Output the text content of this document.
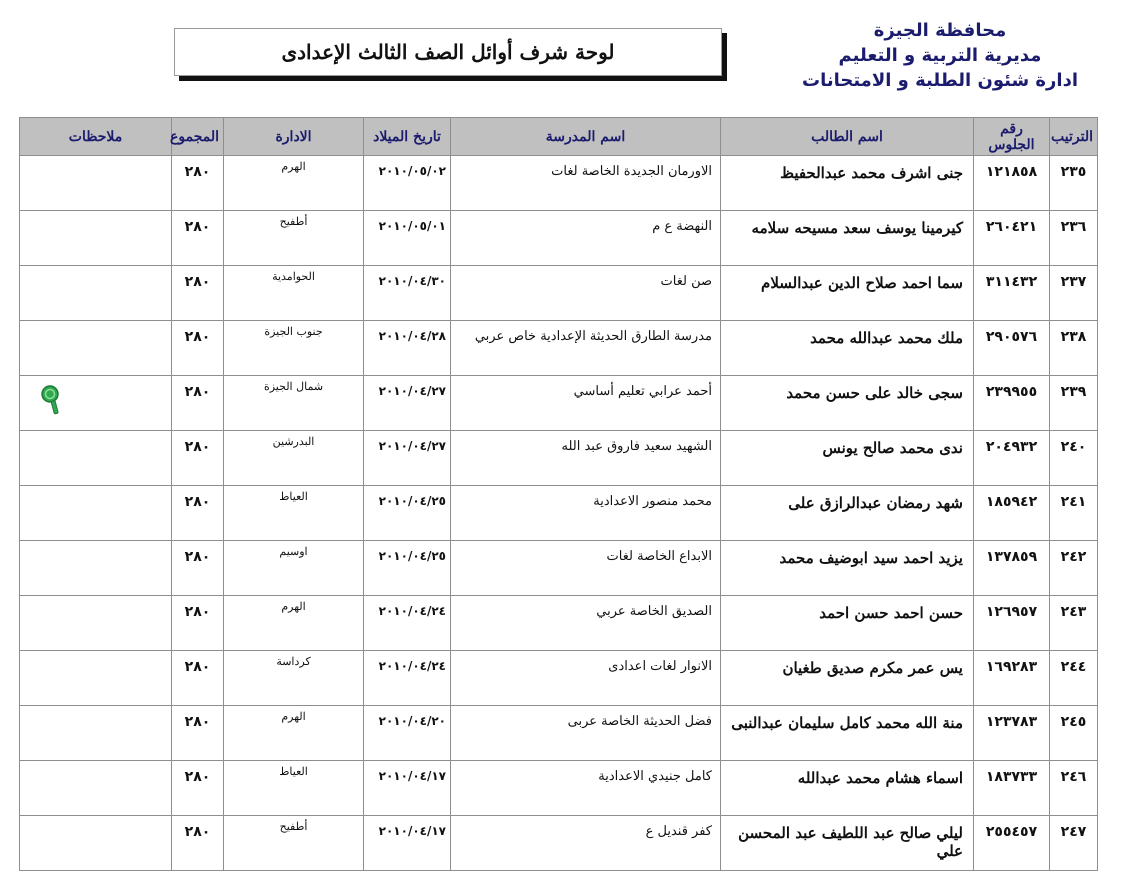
محافظة الجيزة
مديرية التربية و التعليم
ادارة شئون الطلبة و الامتحانات
لوحة شرف أوائل الصف الثالث الإعدادى
الترتيب	رقم الجلوس	اسم الطالب	اسم المدرسة	تاريخ الميلاد	الادارة	المجموع	ملاحظات
٢٣٥	١٢١٨٥٨	جنى اشرف محمد عبدالحفيظ	الاورمان الجديدة الخاصة لغات	٢٠١٠/٠٥/٠٢	الهرم	٢٨٠	
٢٣٦	٢٦٠٤٢١	كيرمينا يوسف سعد مسيحه سلامه	النهضة ع م	٢٠١٠/٠٥/٠١	أطفيح	٢٨٠	
٢٣٧	٣١١٤٣٢	سما احمد صلاح الدين عبدالسلام	صن لغات	٢٠١٠/٠٤/٣٠	الحوامدية	٢٨٠	
٢٣٨	٢٩٠٥٧٦	ملك محمد عبدالله محمد	مدرسة الطارق الحديثة الإعدادية خاص عربي	٢٠١٠/٠٤/٢٨	جنوب الجيزة	٢٨٠	
٢٣٩	٢٣٩٩٥٥	سجى خالد على حسن محمد	أحمد عرابي تعليم أساسي	٢٠١٠/٠٤/٢٧	شمال الجيزة	٢٨٠	
٢٤٠	٢٠٤٩٣٢	ندى محمد صالح يونس	الشهيد سعيد فاروق عبد الله	٢٠١٠/٠٤/٢٧	البدرشين	٢٨٠	
٢٤١	١٨٥٩٤٢	شهد رمضان عبدالرازق على	محمد منصور الاعدادية	٢٠١٠/٠٤/٢٥	العياط	٢٨٠	
٢٤٢	١٣٧٨٥٩	يزيد احمد سيد ابوضيف محمد	الابداع الخاصة لغات	٢٠١٠/٠٤/٢٥	اوسيم	٢٨٠	
٢٤٣	١٢٦٩٥٧	حسن احمد حسن احمد	الصديق الخاصة عربي	٢٠١٠/٠٤/٢٤	الهرم	٢٨٠	
٢٤٤	١٦٩٢٨٣	يس عمر مكرم صديق طغيان	الانوار لغات اعدادى	٢٠١٠/٠٤/٢٤	كرداسة	٢٨٠	
٢٤٥	١٢٣٧٨٣	منة الله محمد كامل سليمان عبدالنبى	فضل الحديثة الخاصة عربى	٢٠١٠/٠٤/٢٠	الهرم	٢٨٠	
٢٤٦	١٨٣٧٣٣	اسماء هشام محمد عبدالله	كامل جنيدي الاعدادية	٢٠١٠/٠٤/١٧	العياط	٢٨٠	
٢٤٧	٢٥٥٤٥٧	ليلي صالح عبد اللطيف عبد المحسن علي	كفر قنديل ع	٢٠١٠/٠٤/١٧	أطفيح	٢٨٠	
